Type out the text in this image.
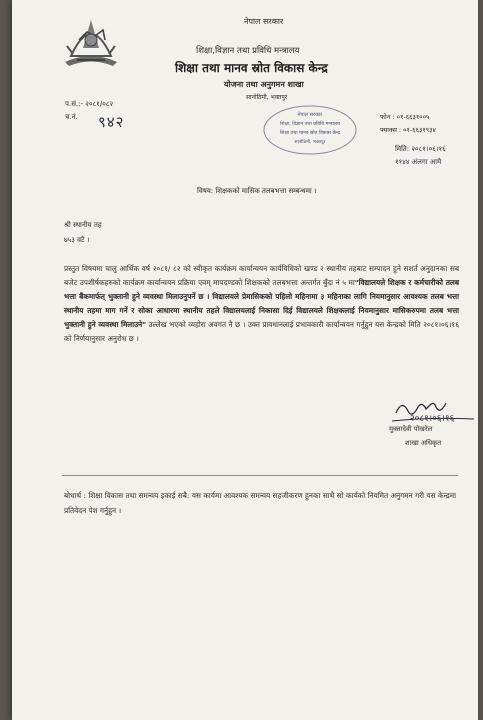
नेपाल सरकार
शिक्षा,विज्ञान तथा प्रविधि मन्त्रालय
शिक्षा तथा मानव स्रोत विकास केन्द्र
योजना तथा अनुगमन शाखा
सानोठिमी, भक्तपुर
नेपाल सरकार
शिक्षा, विज्ञान तथा प्रविधि मन्त्रालय
शिक्षा तथा मानव स्रोत विकास केन्द्र
सानोठिमी, भक्तपुर
प.सं.:- २०८१/०८२
च.नं. ९४२	फोन : ०१-६६३१००५
फ्याक्स : ०१-६६३१९३४
मिति: २०८१।०६।१६
११४४ अंलगा आमै
विषय: शिक्षकको मासिक तलबभत्ता सम्बन्धमा ।
श्री स्थानीय तह
७५३ वटै ।
प्रस्तुत विषयमा चालु आर्थिक वर्ष २०८१/ ८२ को स्वीकृत कार्यक्रम कार्यान्वयन कार्यविधिको खण्ड २ स्थानीय तहबाट सम्पादन हुने सशर्त अनुदानका सब बजेट उपशीर्षकहरुको कार्यक्रम कार्यान्वयन प्रक्रिया एवम् मापदण्डको शिक्षकको तलबभत्ता अन्तर्गत बुँदा नं ५ मा"विद्यालयले शिक्षक र कर्मचारीको तलब भत्ता बैंकमार्फत् भुक्तानी हुने व्यवस्था मिलाउनुपर्ने छ । विद्यालयले प्रेमासिकको पहिलो महिनामा ३ महिनाका लागि नियमानुसार आवश्यक तलब भत्ता स्थानीय तहमा माग गर्ने र सोका आधारमा स्थानीय तहले विद्यालयलाई निकासा दिई विद्यालयले शिक्षकलाई नियमानुसार मासिकरुपमा तलब भत्ता भुक्तानी हुने व्यवस्था मिलाउने" उल्लेख भएको व्यहोरा अवगत नै छ । उक्त प्रावधानलाई प्रभावकारी कार्यान्वयन गर्नुहुन यस केन्द्रको मिति २०८१।०६।१६ को निर्णयानुसार अनुरोध छ ।
२०८१।०६।१६
मुक्तादेवी पोखरेल
शाखा अधिकृत
बोधार्थ : शिक्षा विकास तथा समन्वय इकाई सबै: यस कार्यमा आवश्यक समन्वय सहजीकरण हुनका साथै सो कार्यको नियमित अनुगमन गरी यस केन्द्रमा प्रतिवेदन पेश गर्नुहुन ।
